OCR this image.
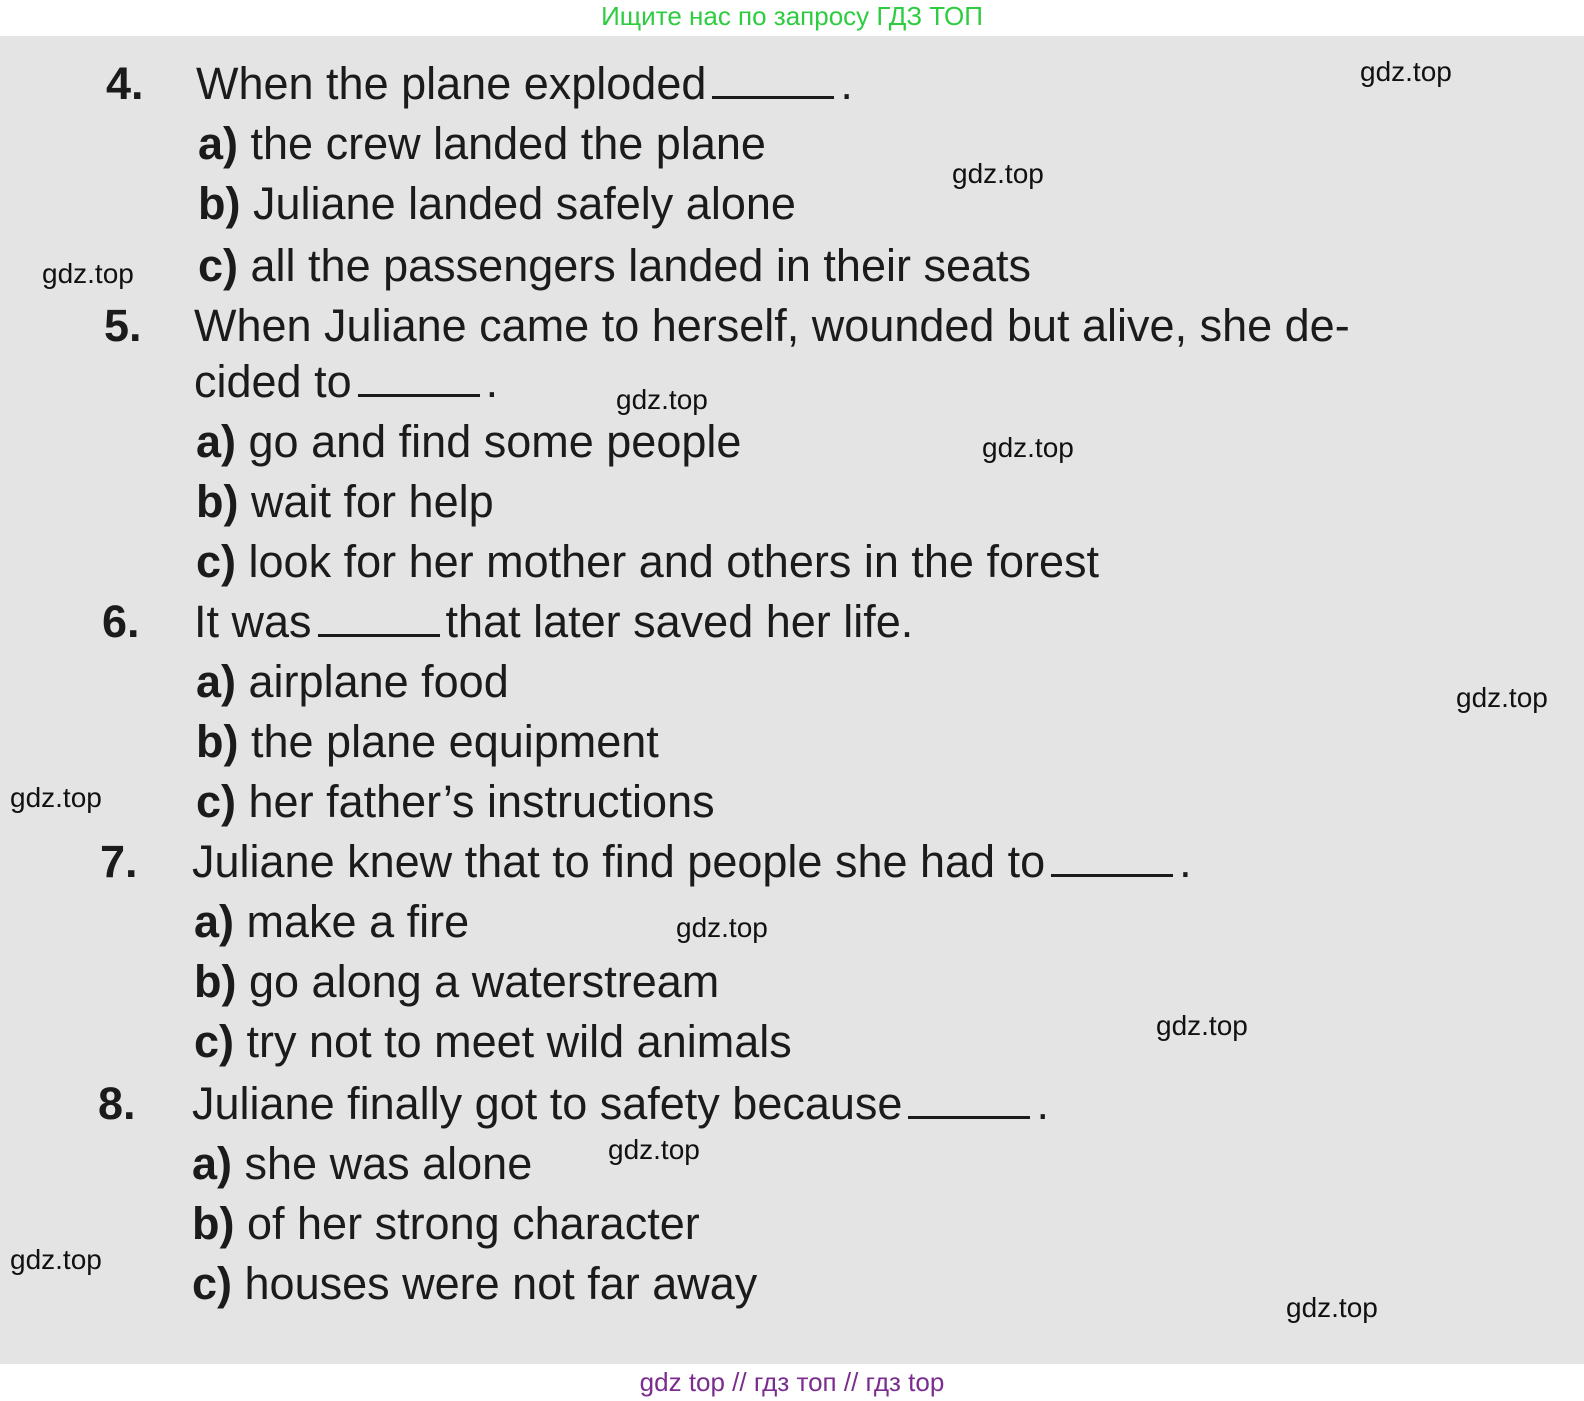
Ищите нас по запросу ГДЗ ТОП
4. When the plane exploded	.
a) the crew landed the plane
b) Juliane landed safely alone
c) all the passengers landed in their seats
5. When Juliane came to herself, wounded but alive, she de-
cided to	.
a) go and find some people
b) wait for help
c) look for her mother and others in the forest
6. It was	that later saved her life.
a) airplane food
b) the plane equipment
c) her father’s instructions
7. Juliane knew that to find people she had to	.
a) make a fire
b) go along a waterstream
c) try not to meet wild animals
8. Juliane finally got to safety because	.
a) she was alone
b) of her strong character
c) houses were not far away
gdz.top
gdz.top
gdz.top
gdz.top
gdz.top
gdz.top
gdz.top
gdz.top
gdz.top
gdz.top
gdz.top
gdz.top
gdz top // гдз топ // гдз top
